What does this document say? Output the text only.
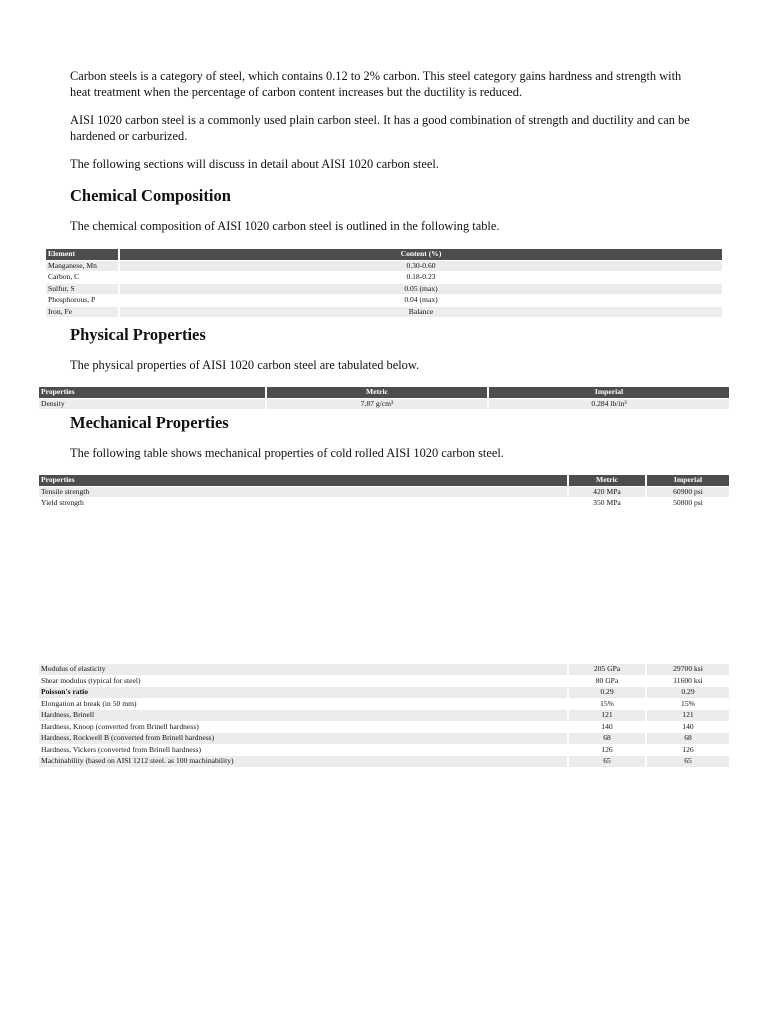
Carbon steels is a category of steel, which contains 0.12 to 2% carbon. This steel category gains hardness and strength with heat treatment when the percentage of carbon content increases but the ductility is reduced.

AISI 1020 carbon steel is a commonly used plain carbon steel. It has a good combination of strength and ductility and can be hardened or carburized.

The following sections will discuss in detail about AISI 1020 carbon steel.

Chemical Composition

The chemical composition of AISI 1020 carbon steel is outlined in the following table.

Element	Content (%)
Manganese, Mn	0.30-0.60
Carbon, C	0.18-0.23
Sulfur, S	0.05 (max)
Phosphorous, P	0.04 (max)
Iron, Fe	Balance
Physical Properties

The physical properties of AISI 1020 carbon steel are tabulated below.

Properties	Metric	Imperial
Density	7.87 g/cm³	0.284 lb/in³
Mechanical Properties

The following table shows mechanical properties of cold rolled AISI 1020 carbon steel.

Properties	Metric	Imperial
Tensile strength	420 MPa	60900 psi
Yield strength	350 MPa	50800 psi
Modulus of elasticity	205 GPa	29700 ksi
Shear modulus (typical for steel)	80 GPa	11600 ksi
Poisson's ratio	0.29	0.29
Elongation at break (in 50 mm)	15%	15%
Hardness, Brinell	121	121
Hardness, Knoop (converted from Brinell hardness)	140	140
Hardness, Rockwell B (converted from Brinell hardness)	68	68
Hardness, Vickers (converted from Brinell hardness)	126	126
Machinability (based on AISI 1212 steel. as 100 machinability)	65	65
